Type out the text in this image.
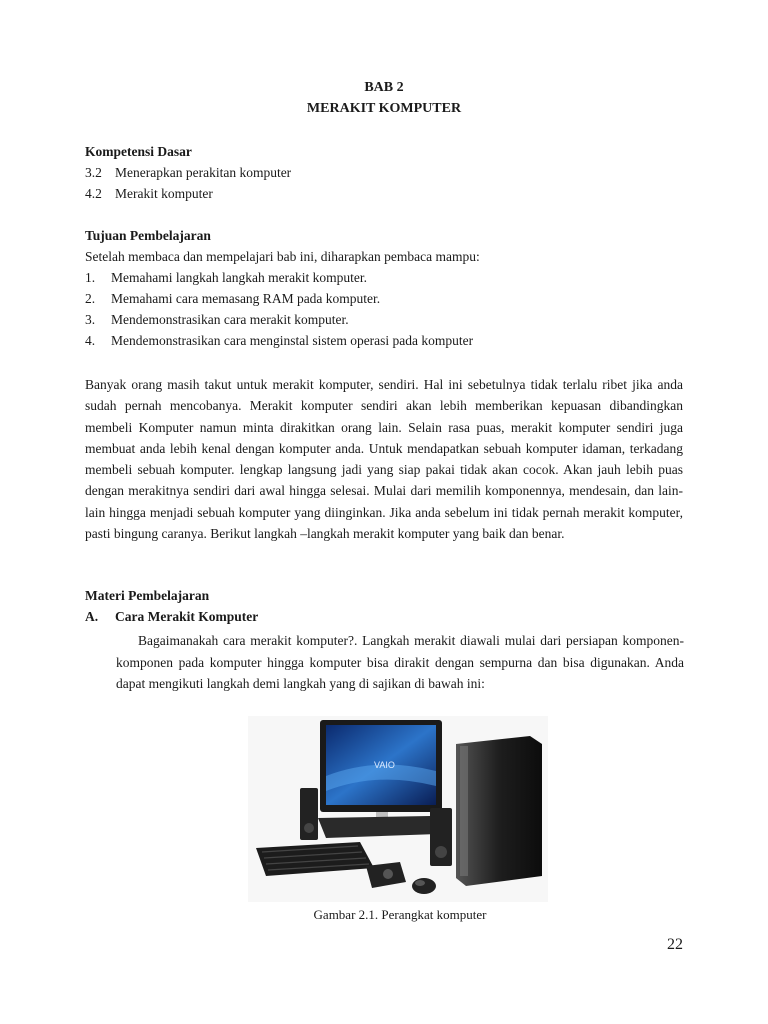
BAB 2
MERAKIT KOMPUTER
Kompetensi Dasar
3.2 Menerapkan perakitan komputer
4.2 Merakit komputer
Tujuan Pembelajaran
Setelah membaca dan mempelajari bab ini, diharapkan pembaca mampu:
1. Memahami langkah langkah merakit komputer.
2. Memahami cara memasang RAM pada komputer.
3. Mendemonstrasikan cara merakit komputer.
4. Mendemonstrasikan cara menginstal sistem operasi pada komputer

Banyak orang masih takut untuk merakit komputer, sendiri. Hal ini sebetulnya tidak terlalu ribet jika anda sudah pernah mencobanya. Merakit komputer sendiri akan lebih memberikan kepuasan dibandingkan membeli Komputer namun minta dirakitkan orang lain. Selain rasa puas, merakit komputer sendiri juga membuat anda lebih kenal dengan komputer anda. Untuk mendapatkan sebuah komputer idaman, terkadang membeli sebuah komputer. lengkap langsung jadi yang siap pakai tidak akan cocok. Akan jauh lebih puas dengan merakitnya sendiri dari awal hingga selesai. Mulai dari memilih komponennya, mendesain, dan lain-lain hingga menjadi sebuah komputer yang diinginkan. Jika anda sebelum ini tidak pernah merakit komputer, pasti bingung caranya. Berikut langkah –langkah merakit komputer yang baik dan benar.

Materi Pembelajaran
A. Cara Merakit Komputer

Bagaimanakah cara merakit komputer?. Langkah merakit diawali mulai dari persiapan komponen-komponen pada komputer hingga komputer bisa dirakit dengan sempurna dan bisa digunakan. Anda dapat mengikuti langkah demi langkah yang di sajikan di bawah ini:

VAIO
Gambar 2.1. Perangkat komputer
22
